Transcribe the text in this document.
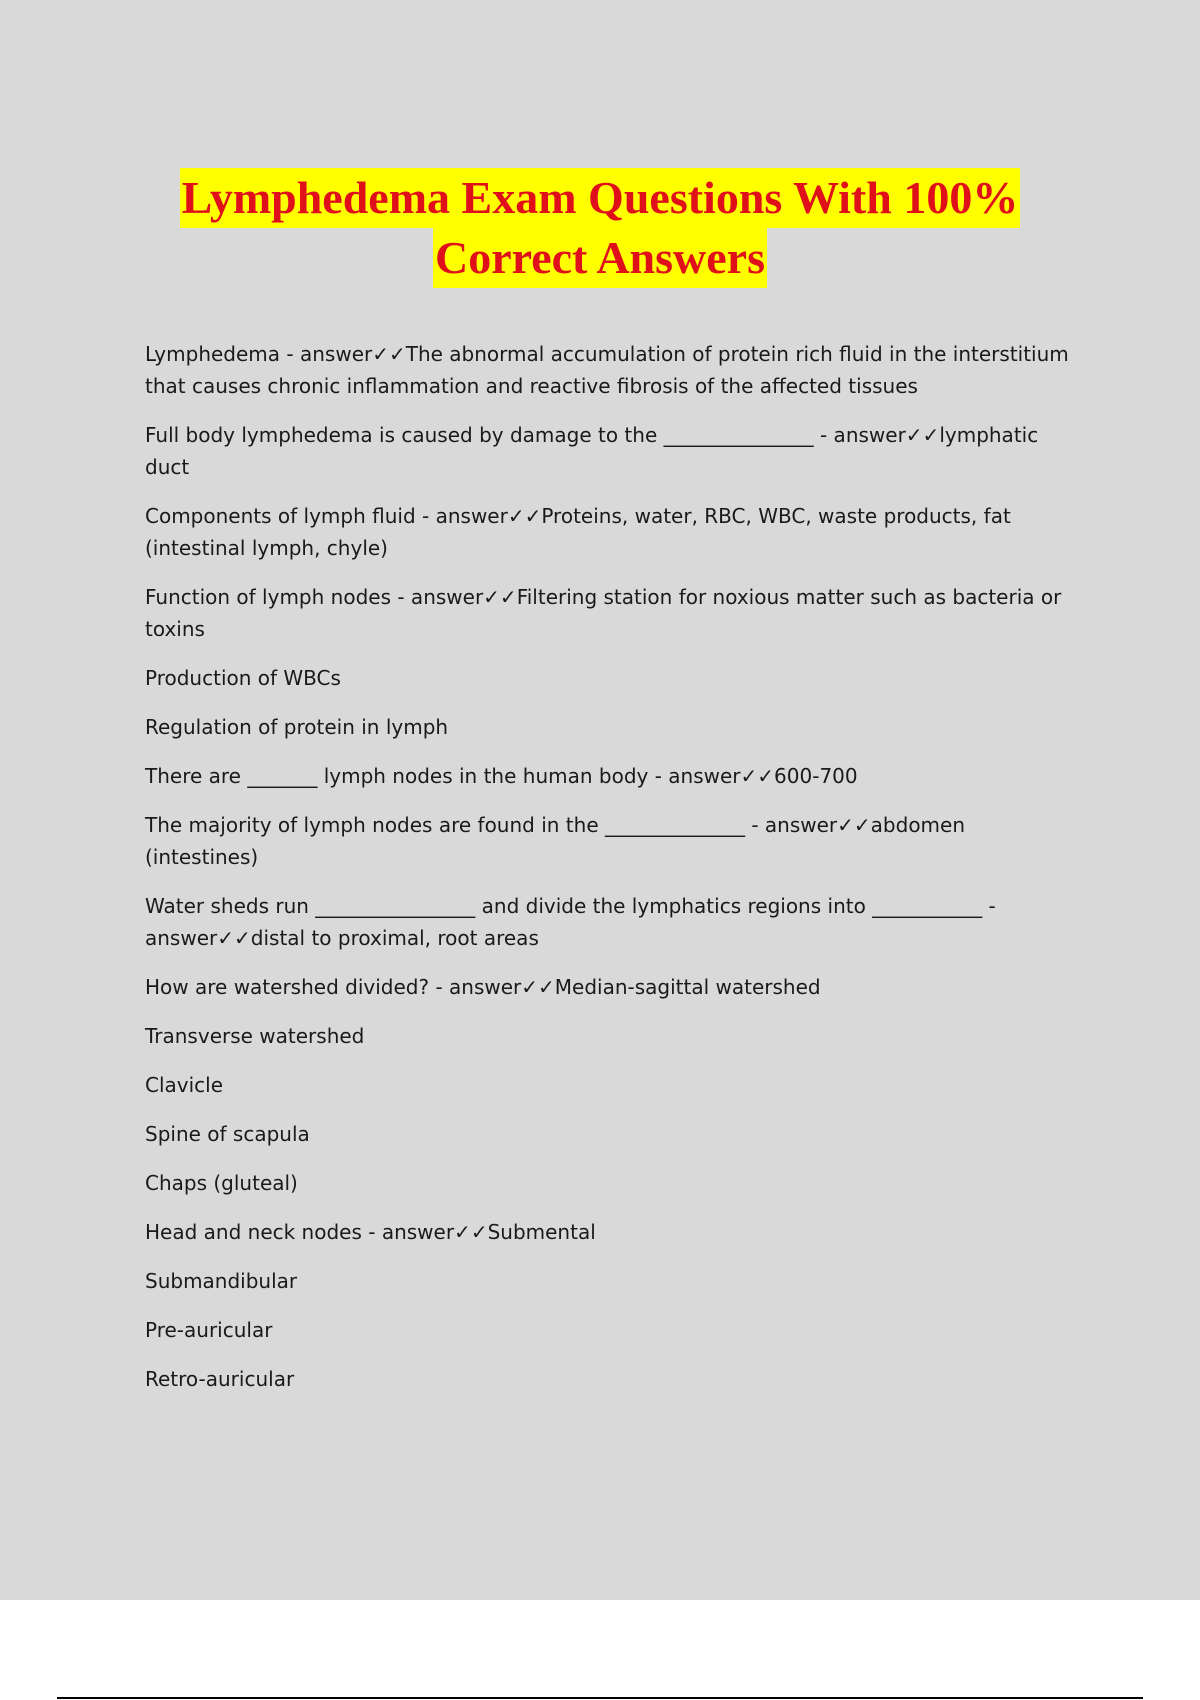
Lymphedema Exam Questions With 100%
Correct Answers

Lymphedema - answer✓✓The abnormal accumulation of protein rich fluid in the interstitium that causes chronic inflammation and reactive fibrosis of the affected tissues

Full body lymphedema is caused by damage to the _______________ - answer✓✓lymphatic duct

Components of lymph fluid - answer✓✓Proteins, water, RBC, WBC, waste products, fat (intestinal lymph, chyle)

Function of lymph nodes - answer✓✓Filtering station for noxious matter such as bacteria or toxins

Production of WBCs

Regulation of protein in lymph

There are _______ lymph nodes in the human body - answer✓✓600-700

The majority of lymph nodes are found in the ______________ - answer✓✓abdomen (intestines)

Water sheds run ________________ and divide the lymphatics regions into ___________ - answer✓✓distal to proximal, root areas

How are watershed divided? - answer✓✓Median-sagittal watershed

Transverse watershed

Clavicle

Spine of scapula

Chaps (gluteal)

Head and neck nodes - answer✓✓Submental

Submandibular

Pre-auricular

Retro-auricular
